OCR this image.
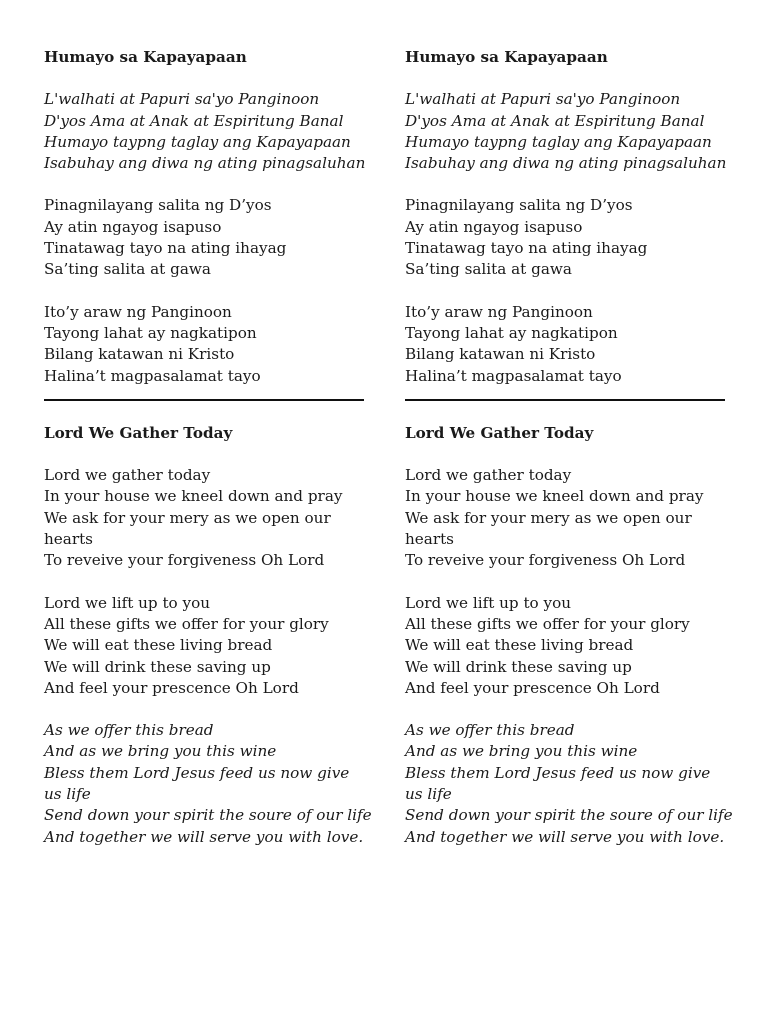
Humayo sa Kapayapaan
L'walhati at Papuri sa'yo Panginoon
D'yos Ama at Anak at Espiritung Banal
Humayo taypng taglay ang Kapayapaan
Isabuhay ang diwa ng ating pinagsaluhan
Pinagnilayang salita ng D’yos
Ay atin ngayog isapuso
Tinatawag tayo na ating ihayag
Sa’ting salita at gawa
Ito’y araw ng Panginoon
Tayong lahat ay nagkatipon
Bilang katawan ni Kristo
Halina’t magpasalamat tayo
Lord We Gather Today
Lord we gather today
In your house we kneel down and pray
We ask for your mery as we open our hearts
To reveive your forgiveness Oh Lord
Lord we lift up to you
All these gifts we offer for your glory
We will eat these living bread
We will drink these saving up
And feel your prescence Oh Lord
As we offer this bread
And as we bring you this wine
Bless them Lord Jesus feed us now give us life
Send down your spirit the soure of our life
And together we will serve you with love.
Humayo sa Kapayapaan
L'walhati at Papuri sa'yo Panginoon
D'yos Ama at Anak at Espiritung Banal
Humayo taypng taglay ang Kapayapaan
Isabuhay ang diwa ng ating pinagsaluhan
Pinagnilayang salita ng D’yos
Ay atin ngayog isapuso
Tinatawag tayo na ating ihayag
Sa’ting salita at gawa
Ito’y araw ng Panginoon
Tayong lahat ay nagkatipon
Bilang katawan ni Kristo
Halina’t magpasalamat tayo
Lord We Gather Today
Lord we gather today
In your house we kneel down and pray
We ask for your mery as we open our hearts
To reveive your forgiveness Oh Lord
Lord we lift up to you
All these gifts we offer for your glory
We will eat these living bread
We will drink these saving up
And feel your prescence Oh Lord
As we offer this bread
And as we bring you this wine
Bless them Lord Jesus feed us now give us life
Send down your spirit the soure of our life
And together we will serve you with love.
